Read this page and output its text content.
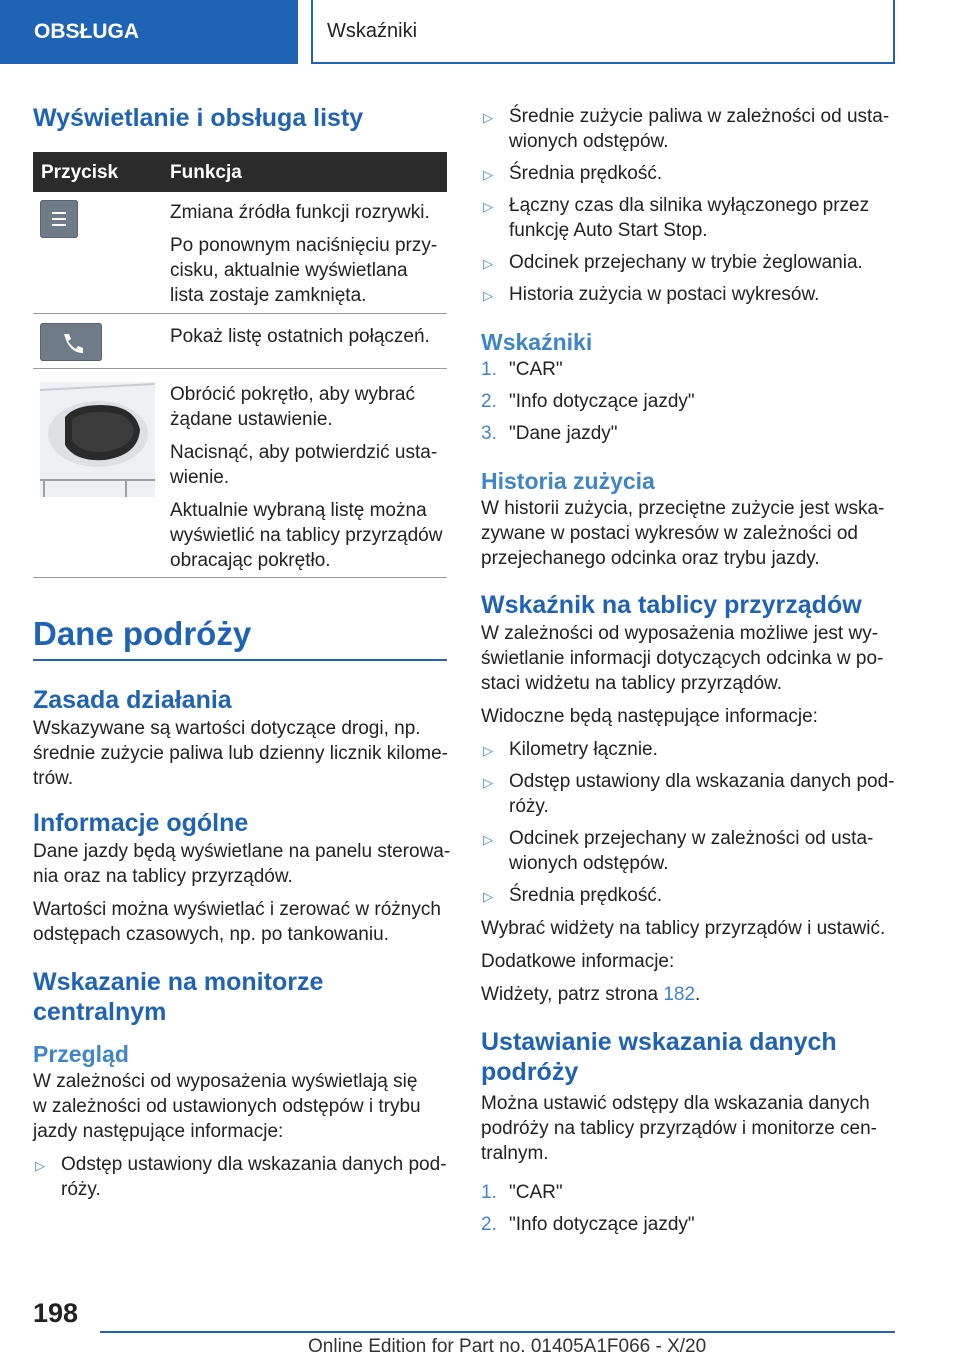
OBSŁUGA	Wskaźniki
Wyświetlanie i obsługa listy
Przycisk	Funkcja

Zmiana źródła funkcji rozrywki.

Po ponownym naciśnięciu przy-
cisku, aktualnie wyświetlana
lista zostaje zamknięta.

Pokaż listę ostatnich połączeń.

Obrócić pokrętło, aby wybrać
żądane ustawienie.

Nacisnąć, aby potwierdzić usta-
wienie.

Aktualnie wybraną listę można
wyświetlić na tablicy przyrządów
obracając pokrętło.

Dane podróży
Zasada działania

Wskazywane są wartości dotyczące drogi, np.
średnie zużycie paliwa lub dzienny licznik kilome-
trów.

Informacje ogólne

Dane jazdy będą wyświetlane na panelu sterowa-
nia oraz na tablicy przyrządów.

Wartości można wyświetlać i zerować w różnych
odstępach czasowych, np. po tankowaniu.

Wskazanie na monitorze
centralnym
Przegląd

W zależności od wyposażenia wyświetlają się
w zależności od ustawionych odstępów i trybu
jazdy następujące informacje:

▷ Odstęp ustawiony dla wskazania danych pod-
róży.
▷ Średnie zużycie paliwa w zależności od usta-
wionych odstępów.
▷ Średnia prędkość.
▷ Łączny czas dla silnika wyłączonego przez
funkcję Auto Start Stop.
▷ Odcinek przejechany w trybie żeglowania.
▷ Historia zużycia w postaci wykresów.
Wskaźniki
1. "CAR"
2. "Info dotyczące jazdy"
3. "Dane jazdy"
Historia zużycia

W historii zużycia, przeciętne zużycie jest wska-
zywane w postaci wykresów w zależności od
przejechanego odcinka oraz trybu jazdy.

Wskaźnik na tablicy przyrządów

W zależności od wyposażenia możliwe jest wy-
świetlanie informacji dotyczących odcinka w po-
staci widżetu na tablicy przyrządów.

Widoczne będą następujące informacje:

▷ Kilometry łącznie.
▷ Odstęp ustawiony dla wskazania danych pod-
róży.
▷ Odcinek przejechany w zależności od usta-
wionych odstępów.
▷ Średnia prędkość.

Wybrać widżety na tablicy przyrządów i ustawić.

Dodatkowe informacje:

Widżety, patrz strona 182.

Ustawianie wskazania danych
podróży

Można ustawić odstępy dla wskazania danych
podróży na tablicy przyrządów i monitorze cen-
tralnym.

1. "CAR"
2. "Info dotyczące jazdy"
198
Online Edition for Part no. 01405A1F066 - X/20
